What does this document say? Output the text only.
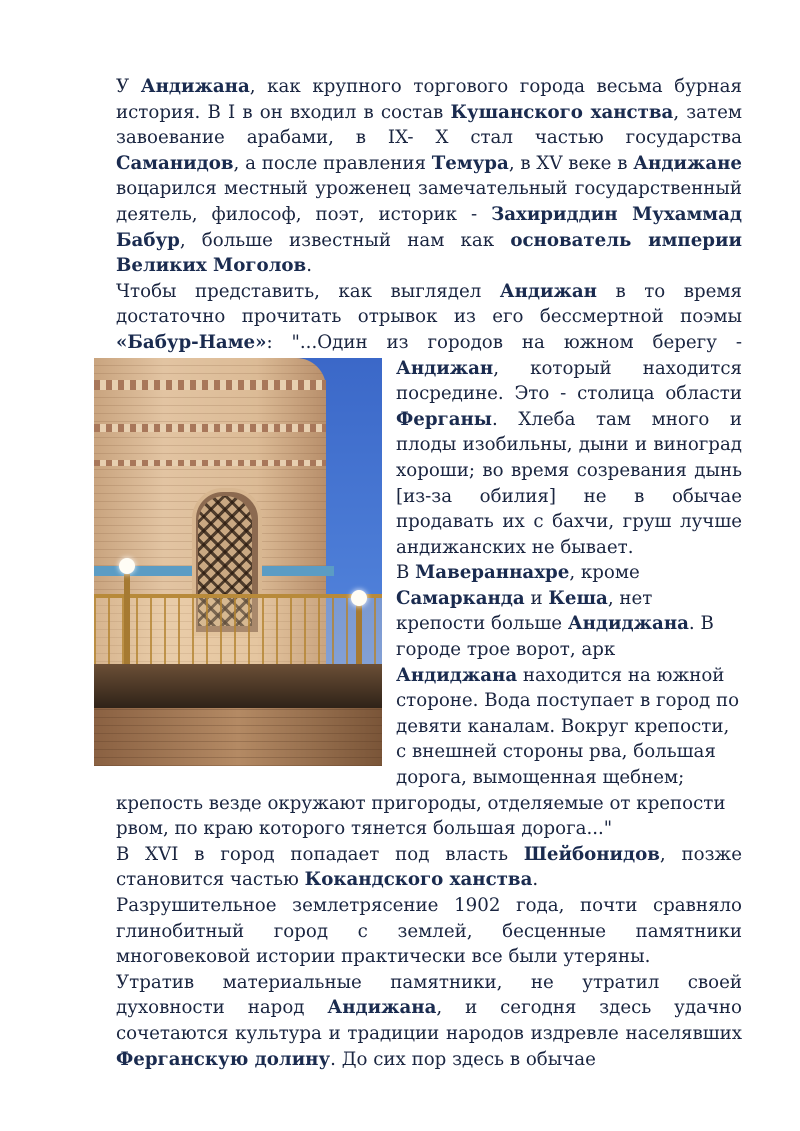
У Андижана, как крупного торгового города весьма бурная история. В I в он входил в состав Кушанского ханства, затем завоевание арабами, в IX- X стал частью государства Саманидов, а после правления Темура, в XV веке в Андижане воцарился местный уроженец замечательный государственный деятель, философ, поэт, историк - Захириддин Мухаммад Бабур, больше известный нам как основатель империи Великих Моголов.

Чтобы представить, как выглядел Андижан в то время достаточно прочитать отрывок из его бессмертной поэмы «Бабур-Наме»: "...Один из городов на южном берегу - Андижан
, который находится посредине. Это - столица области Ферганы. Хлеба там много и плоды изобильны, дыни и виноград хороши; во время созревания дынь [из-за обилия] не в обычае продавать их с бахчи, груш лучше андижанских не бывает.

В Мавераннахре, кроме Самарканда и Кеша, нет крепости больше Андиджана. В городе трое ворот, арк Андиджана находится на южной стороне. Вода поступает в город по девяти каналам. Вокруг крепости, с внешней стороны рва, большая дорога, вымощенная щебнем; крепость везде окружают пригороды, отделяемые от крепости рвом, по краю которого тянется большая дорога..."

В XVI в город попадает под власть Шейбонидов, позже становится частью Кокандского ханства.

Разрушительное землетрясение 1902 года, почти сравняло глинобитный город с землей, бесценные памятники многовековой истории практически все были утеряны.

Утратив материальные памятники, не утратил своей духовности народ Андижана, и сегодня здесь удачно сочетаются культура и традиции народов издревле населявших Ферганскую долину. До сих пор здесь в обычае
